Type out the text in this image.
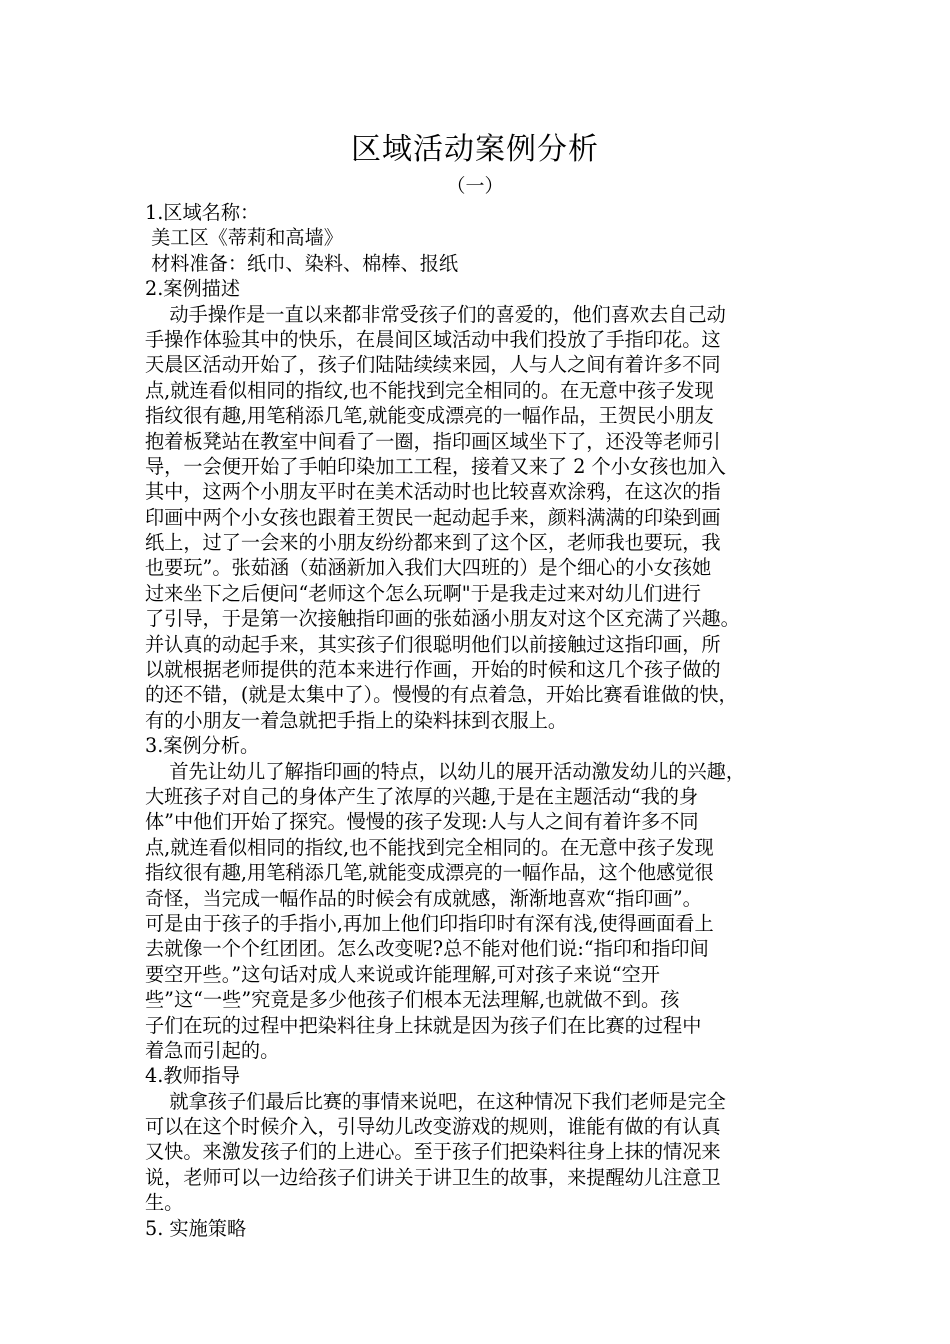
区域活动案例分析
（一）
1.区域名称：
美工区《蒂莉和高墙》
材料准备：纸巾、染料、棉棒、报纸
2.案例描述
动手操作是一直以来都非常受孩子们的喜爱的，他们喜欢去自己动
手操作体验其中的快乐，在晨间区域活动中我们投放了手指印花。这
天晨区活动开始了，孩子们陆陆续续来园，人与人之间有着许多不同
点,就连看似相同的指纹,也不能找到完全相同的。在无意中孩子发现
指纹很有趣,用笔稍添几笔,就能变成漂亮的一幅作品，王贺民小朋友
抱着板凳站在教室中间看了一圈，指印画区域坐下了，还没等老师引
导，一会便开始了手帕印染加工工程，接着又来了 2 个小女孩也加入
其中，这两个小朋友平时在美术活动时也比较喜欢涂鸦，在这次的指
印画中两个小女孩也跟着王贺民一起动起手来，颜料满满的印染到画
纸上，过了一会来的小朋友纷纷都来到了这个区，老师我也要玩，我
也要玩”。张茹涵（茹涵新加入我们大四班的）是个细心的小女孩她
过来坐下之后便问“老师这个怎么玩啊"于是我走过来对幼儿们进行
了引导，于是第一次接触指印画的张茹涵小朋友对这个区充满了兴趣。
并认真的动起手来，其实孩子们很聪明他们以前接触过这指印画，所
以就根据老师提供的范本来进行作画，开始的时候和这几个孩子做的
的还不错，(就是太集中了）。慢慢的有点着急，开始比赛看谁做的快，
有的小朋友一着急就把手指上的染料抹到衣服上。
3.案例分析。
首先让幼儿了解指印画的特点，以幼儿的展开活动激发幼儿的兴趣，
大班孩子对自己的身体产生了浓厚的兴趣,于是在主题活动“我的身
体”中他们开始了探究。慢慢的孩子发现:人与人之间有着许多不同
点,就连看似相同的指纹,也不能找到完全相同的。在无意中孩子发现
指纹很有趣,用笔稍添几笔,就能变成漂亮的一幅作品，这个他感觉很
奇怪，当完成一幅作品的时候会有成就感，渐渐地喜欢“指印画”。
可是由于孩子的手指小,再加上他们印指印时有深有浅,使得画面看上
去就像一个个红团团。怎么改变呢?总不能对他们说:“指印和指印间
要空开些。”这句话对成人来说或许能理解,可对孩子来说“空开
些”这“一些”究竟是多少他孩子们根本无法理解,也就做不到。孩
子们在玩的过程中把染料往身上抹就是因为孩子们在比赛的过程中
着急而引起的。
4.教师指导
就拿孩子们最后比赛的事情来说吧，在这种情况下我们老师是完全
可以在这个时候介入，引导幼儿改变游戏的规则，谁能有做的有认真
又快。来激发孩子们的上进心。至于孩子们把染料往身上抹的情况来
说，老师可以一边给孩子们讲关于讲卫生的故事，来提醒幼儿注意卫
生。
5. 实施策略
